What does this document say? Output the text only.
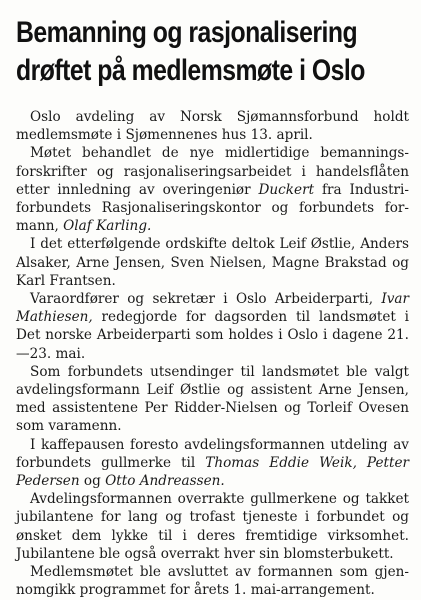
Bemanning og rasjonalisering
drøftet på medlemsmøte i Oslo

Oslo avdeling av Norsk Sjømannsforbund holdt medlemsmøte i Sjømennenes hus 13. april.

Møtet behandlet de nye midlertidige bemanningsforskrifter og rasjonaliseringsarbeidet i handelsflåten etter innledning av overingeniør Duckert fra Industriforbundets Rasjonaliseringskontor og forbundets formann, Olaf Karling.

I det etterfølgende ordskifte deltok Leif Østlie, Anders Alsaker, Arne Jensen, Sven Nielsen, Magne Brakstad og Karl Frantsen.

Varaordfører og sekretær i Oslo Arbeiderparti, Ivar Mathiesen, redegjorde for dagsorden til landsmøtet i Det norske Arbeiderparti som holdes i Oslo i dagene 21.—23. mai.

Som forbundets utsendinger til landsmøtet ble valgt avdelingsformann Leif Østlie og assistent Arne Jensen, med assistentene Per Ridder-Nielsen og Torleif Ovesen som varamenn.

I kaffepausen foresto avdelingsformannen utdeling av forbundets gullmerke til Thomas Eddie Weik, Petter Pedersen og Otto Andreassen.

Avdelingsformannen overrakte gullmerkene og takket jubilantene for lang og trofast tjeneste i forbundet og ønsket dem lykke til i deres fremtidige virksomhet. Jubilantene ble også overrakt hver sin blomsterbukett.

Medlemsmøtet ble avsluttet av formannen som gjennomgikk programmet for årets 1. mai-arrangement.
